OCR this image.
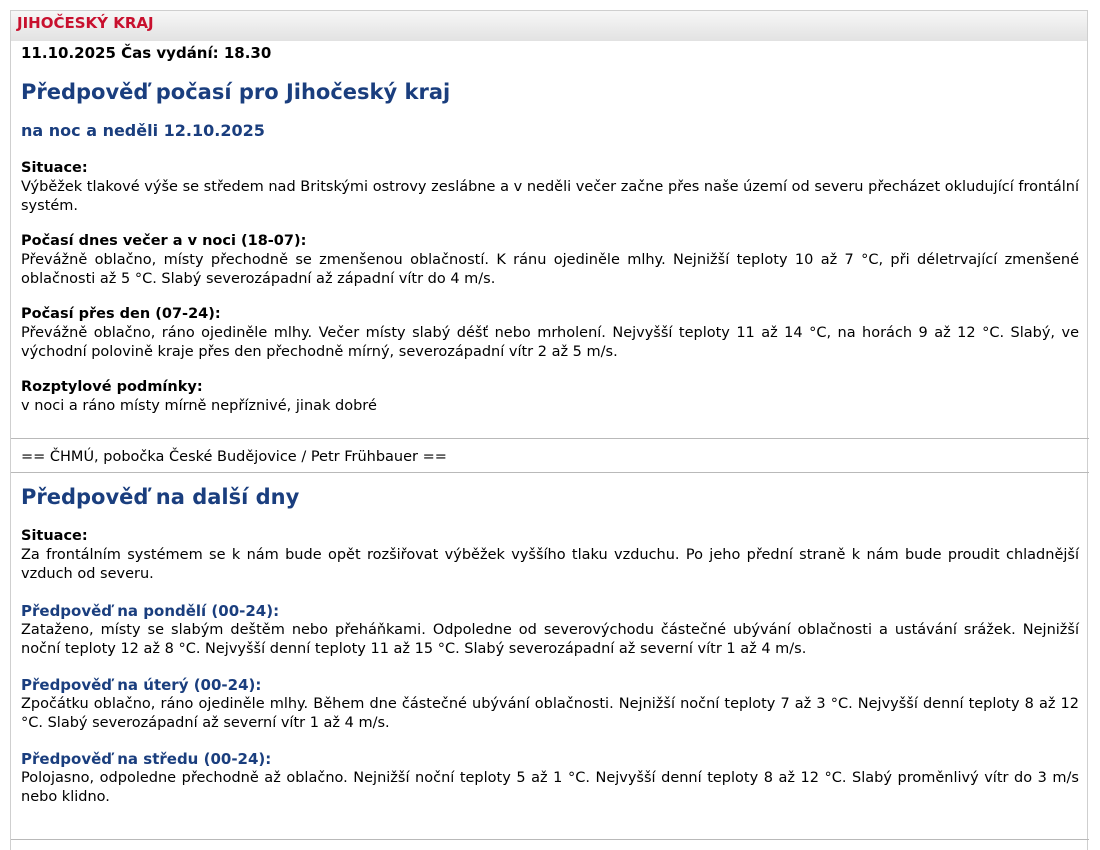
JIHOČESKÝ KRAJ

11.10.2025 Čas vydání: 18.30

Předpověď počasí pro Jihočeský kraj
na noc a neděli 12.10.2025

Situace:

Výběžek tlakové výše se středem nad Britskými ostrovy zeslábne a v neděli večer začne přes naše území od severu přecházet okludující frontální systém.

Počasí dnes večer a v noci (18-07):

Převážně oblačno, místy přechodně se zmenšenou oblačností. K ránu ojediněle mlhy. Nejnižší teploty 10 až 7 °C, při déletrvající zmenšené oblačnosti až 5 °C. Slabý severozápadní až západní vítr do 4 m/s.

Počasí přes den (07-24):

Převážně oblačno, ráno ojediněle mlhy. Večer místy slabý déšť nebo mrholení. Nejvyšší teploty 11 až 14 °C, na horách 9 až 12 °C. Slabý, ve východní polovině kraje přes den přechodně mírný, severozápadní vítr 2 až 5 m/s.

Rozptylové podmínky:

v noci a ráno místy mírně nepříznivé, jinak dobré

== ČHMÚ, pobočka České Budějovice / Petr Frühbauer ==

Předpověď na další dny

Situace:

Za frontálním systémem se k nám bude opět rozšiřovat výběžek vyššího tlaku vzduchu. Po jeho přední straně k nám bude proudit chladnější vzduch od severu.

Předpověď na pondělí (00-24):

Zataženo, místy se slabým deštěm nebo přeháňkami. Odpoledne od severovýchodu částečné ubývání oblačnosti a ustávání srážek. Nejnižší noční teploty 12 až 8 °C. Nejvyšší denní teploty 11 až 15 °C. Slabý severozápadní až severní vítr 1 až 4 m/s.

Předpověď na úterý (00-24):

Zpočátku oblačno, ráno ojediněle mlhy. Během dne částečné ubývání oblačnosti. Nejnižší noční teploty 7 až 3 °C. Nejvyšší denní teploty 8 až 12 °C. Slabý severozápadní až severní vítr 1 až 4 m/s.

Předpověď na středu (00-24):

Polojasno, odpoledne přechodně až oblačno. Nejnižší noční teploty 5 až 1 °C. Nejvyšší denní teploty 8 až 12 °C. Slabý proměnlivý vítr do 3 m/s nebo klidno.
